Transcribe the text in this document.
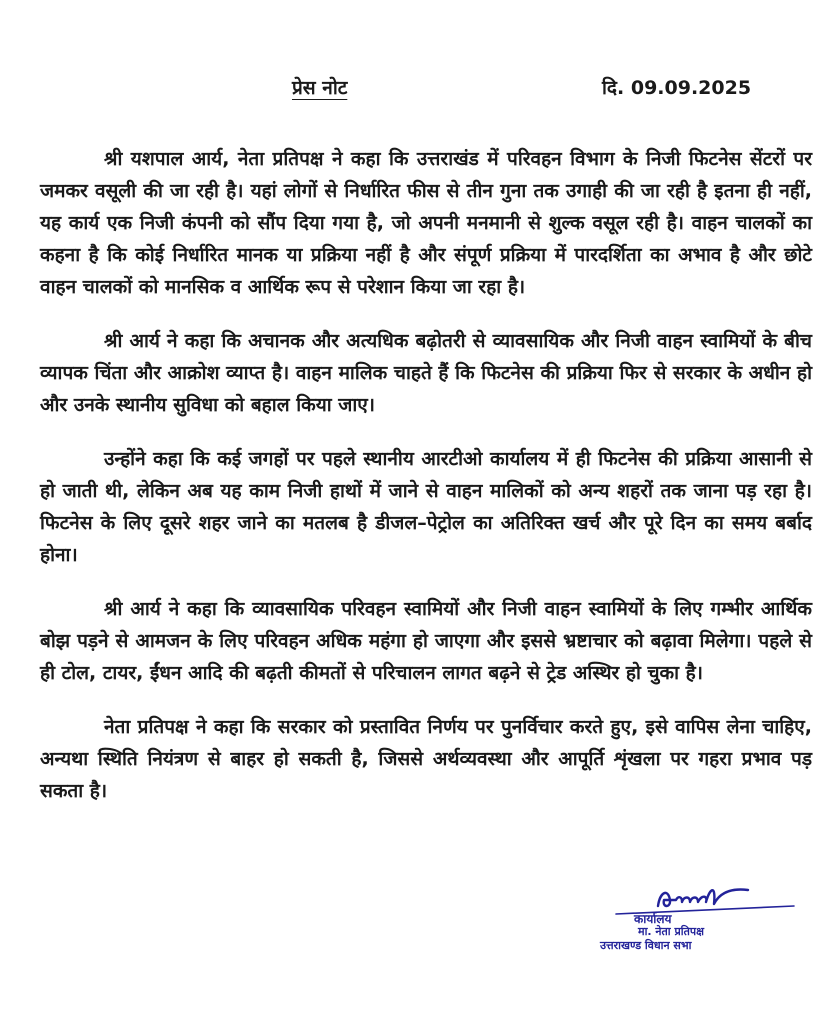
प्रेस नोट	दि. 09.09.2025

श्री यशपाल आर्य, नेता प्रतिपक्ष ने कहा कि उत्तराखंड में परिवहन विभाग के निजी फिटनेस सेंटरों पर जमकर वसूली की जा रही है। यहां लोगों से निर्धारित फीस से तीन गुना तक उगाही की जा रही है इतना ही नहीं, यह कार्य एक निजी कंपनी को सौंप दिया गया है, जो अपनी मनमानी से शुल्क वसूल रही है। वाहन चालकों का कहना है कि कोई निर्धारित मानक या प्रक्रिया नहीं है और संपूर्ण प्रक्रिया में पारदर्शिता का अभाव है और छोटे वाहन चालकों को मानसिक व आर्थिक रूप से परेशान किया जा रहा है।

श्री आर्य ने कहा कि अचानक और अत्यधिक बढ़ोतरी से व्यावसायिक और निजी वाहन स्वामियों के बीच व्यापक चिंता और आक्रोश व्याप्त है। वाहन मालिक चाहते हैं कि फिटनेस की प्रक्रिया फिर से सरकार के अधीन हो और उनके स्थानीय सुविधा को बहाल किया जाए।

उन्होंने कहा कि कई जगहों पर पहले स्थानीय आरटीओ कार्यालय में ही फिटनेस की प्रक्रिया आसानी से हो जाती थी, लेकिन अब यह काम निजी हाथों में जाने से वाहन मालिकों को अन्य शहरों तक जाना पड़ रहा है। फिटनेस के लिए दूसरे शहर जाने का मतलब है डीजल–पेट्रोल का अतिरिक्त खर्च और पूरे दिन का समय बर्बाद होना।

श्री आर्य ने कहा कि व्यावसायिक परिवहन स्वामियों और निजी वाहन स्वामियों के लिए गम्भीर आर्थिक बोझ पड़ने से आमजन के लिए परिवहन अधिक महंगा हो जाएगा और इससे भ्रष्टाचार को बढ़ावा मिलेगा। पहले से ही टोल, टायर, ईंधन आदि की बढ़ती कीमतों से परिचालन लागत बढ़ने से ट्रेड अस्थिर हो चुका है।

नेता प्रतिपक्ष ने कहा कि सरकार को प्रस्तावित निर्णय पर पुनर्विचार करते हुए, इसे वापिस लेना चाहिए, अन्यथा स्थिति नियंत्रण से बाहर हो सकती है, जिससे अर्थव्यवस्था और आपूर्ति शृंखला पर गहरा प्रभाव पड़ सकता है।

कार्यालय
मा. नेता प्रतिपक्ष
उत्तराखण्ड विधान सभा
